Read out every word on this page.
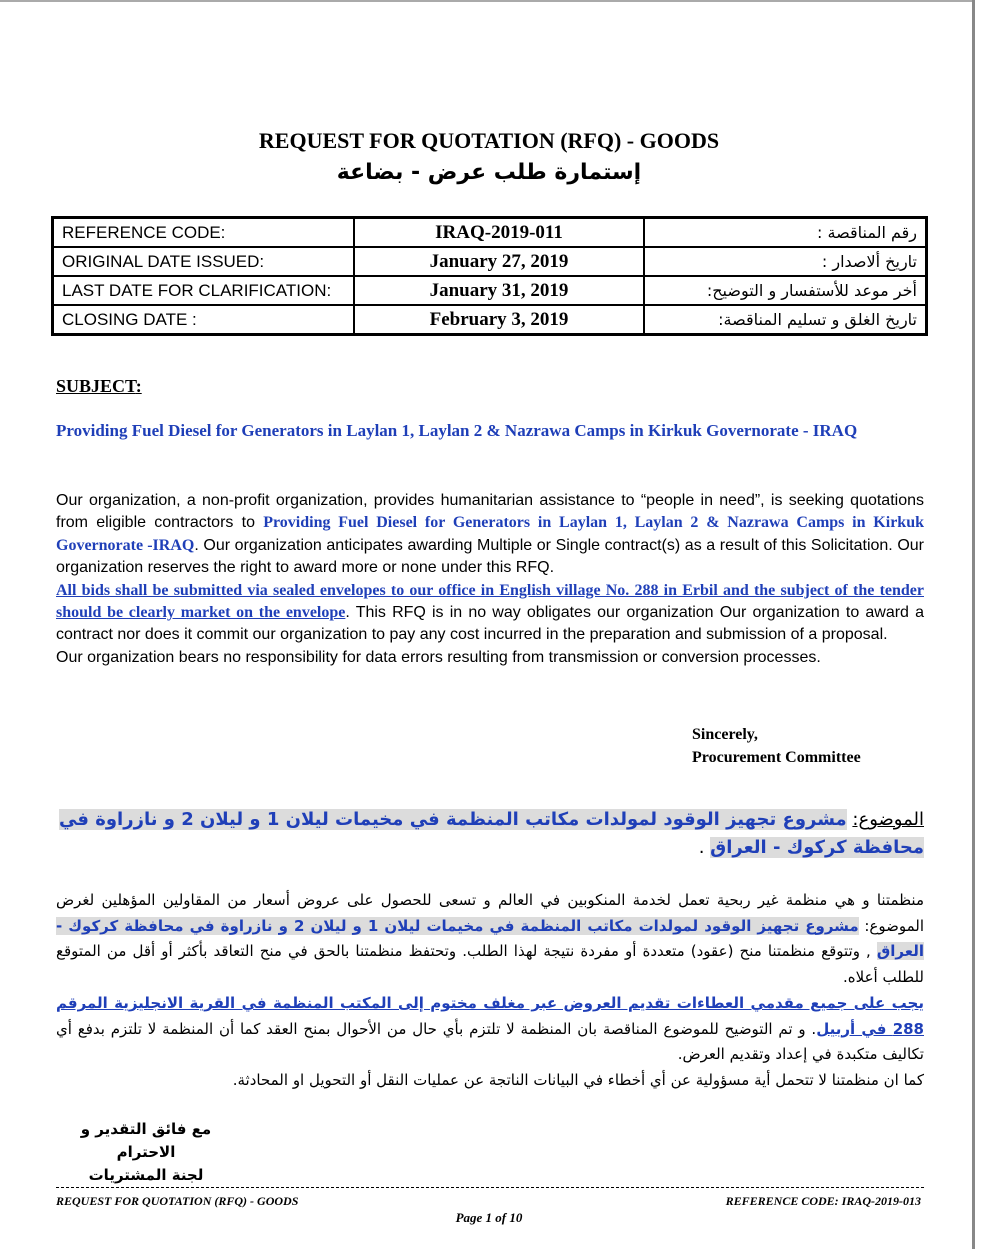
REQUEST FOR QUOTATION (RFQ) - GOODS
إستمارة طلب عرض - بضاعة
REFERENCE CODE:	IRAQ-2019-011	رقم المناقصة :
ORIGINAL DATE ISSUED:	January 27, 2019	تاريخ ألاصدار :
LAST DATE FOR CLARIFICATION:	January 31, 2019	أخر موعد للأستفسار و التوضيح:
CLOSING DATE :	February 3, 2019	تاريخ الغلق و تسليم المناقصة:
SUBJECT:
Providing Fuel Diesel for Generators in Laylan 1, Laylan 2 & Nazrawa Camps in Kirkuk Governorate - IRAQ
Our organization, a non-profit organization, provides humanitarian assistance to “people in need”, is seeking quotations from eligible contractors to Providing Fuel Diesel for Generators in Laylan 1, Laylan 2 & Nazrawa Camps in Kirkuk Governorate -IRAQ. Our organization anticipates awarding Multiple or Single contract(s) as a result of this Solicitation. Our organization reserves the right to award more or none under this RFQ.
All bids shall be submitted via sealed envelopes to our office in English village No. 288 in Erbil and the subject of the tender should be clearly market on the envelope. This RFQ is in no way obligates our organization Our organization to award a contract nor does it commit our organization to pay any cost incurred in the preparation and submission of a proposal.
Our organization bears no responsibility for data errors resulting from transmission or conversion processes.
Sincerely,
Procurement Committee
الموضوع: مشروع تجهيز الوقود لمولدات مكاتب المنظمة في مخيمات ليلان 1 و ليلان 2 و نازراوة في محافظة كركوك - العراق .
منظمتنا و هي منظمة غير ربحية تعمل لخدمة المنكوبين في العالم و تسعى للحصول على عروض أسعار من المقاولين المؤهلين لغرض الموضوع: مشروع تجهيز الوقود لمولدات مكاتب المنظمة في مخيمات ليلان 1 و ليلان 2 و نازراوة في محافظة كركوك - العراق , وتتوقع منظمتنا منح (عقود) متعددة أو مفردة نتيجة لهذا الطلب. وتحتفظ منظمتنا بالحق في منح التعاقد بأكثر أو أقل من المتوقع للطلب أعلاه.
يجب على جميع مقدمي العطاءات تقديم العروض عبر مغلف مختوم إلى المكتب المنظمة في القرية الانجليزية المرقم 288 في أربيل. و تم التوضيح للموضوع المناقصة بان المنظمة لا تلتزم بأي حال من الأحوال بمنح العقد كما أن المنظمة لا تلتزم بدفع أي تكاليف متكبدة في إعداد وتقديم العرض.
كما ان منظمتنا لا تتحمل أية مسؤولية عن أي أخطاء في البيانات الناتجة عن عمليات النقل أو التحويل او المحادثة.
مع فائق التقدير و الاحترام
لجنة المشتريات
REQUEST FOR QUOTATION (RFQ) - GOODS	REFERENCE CODE: IRAQ-2019-013
Page 1 of 10
